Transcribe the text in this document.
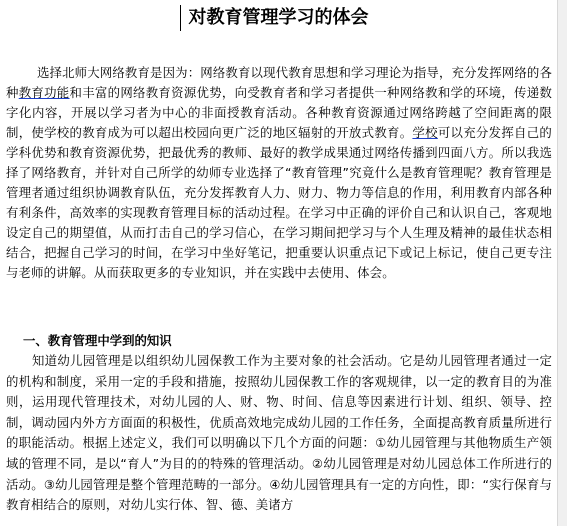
对教育管理学习的体会

选择北师大网络教育是因为：网络教育以现代教育思想和学习理论为指导，充分发挥网络的各种教育功能和丰富的网络教育资源优势，向受教育者和学习者提供一种网络教和学的环境，传递数字化内容，开展以学习者为中心的非面授教育活动。各种教育资源通过网络跨越了空间距离的限制，使学校的教育成为可以超出校园向更广泛的地区辐射的开放式教育。学校可以充分发挥自己的学科优势和教育资源优势，把最优秀的教师、最好的教学成果通过网络传播到四面八方。所以我选择了网络教育，并针对自己所学的幼师专业选择了“教育管理”究竟什么是教育管理呢？教育管理是管理者通过组织协调教育队伍，充分发挥教育人力、财力、物力等信息的作用，利用教育内部各种有利条件，高效率的实现教育管理目标的活动过程。在学习中正确的评价自己和认识自己，客观地设定自己的期望值，从而打击自己的学习信心，在学习期间把学习与个人生理及精神的最佳状态相结合，把握自己学习的时间，在学习中坐好笔记，把重要认识重点记下或记上标记，使自己更专注与老师的讲解。从而获取更多的专业知识，并在实践中去使用、体会。

一、教育管理中学到的知识

知道幼儿园管理是以组织幼儿园保教工作为主要对象的社会活动。它是幼儿园管理者通过一定的机构和制度，采用一定的手段和措施，按照幼儿园保教工作的客观规律，以一定的教育目的为准则，运用现代管理技术，对幼儿园的人、财、物、时间、信息等因素进行计划、组织、领导、控制，调动园内外方方面面的积极性，优质高效地完成幼儿园的工作任务，全面提高教育质量所进行的职能活动。根据上述定义，我们可以明确以下几个方面的问题：①幼儿园管理与其他物质生产领域的管理不同，是以“育人”为目的的特殊的管理活动。②幼儿园管理是对幼儿园总体工作所进行的活动。③幼儿园管理是整个管理范畴的一部分。④幼儿园管理具有一定的方向性，即：“实行保育与教育相结合的原则，对幼儿实行体、智、德、美诸方
